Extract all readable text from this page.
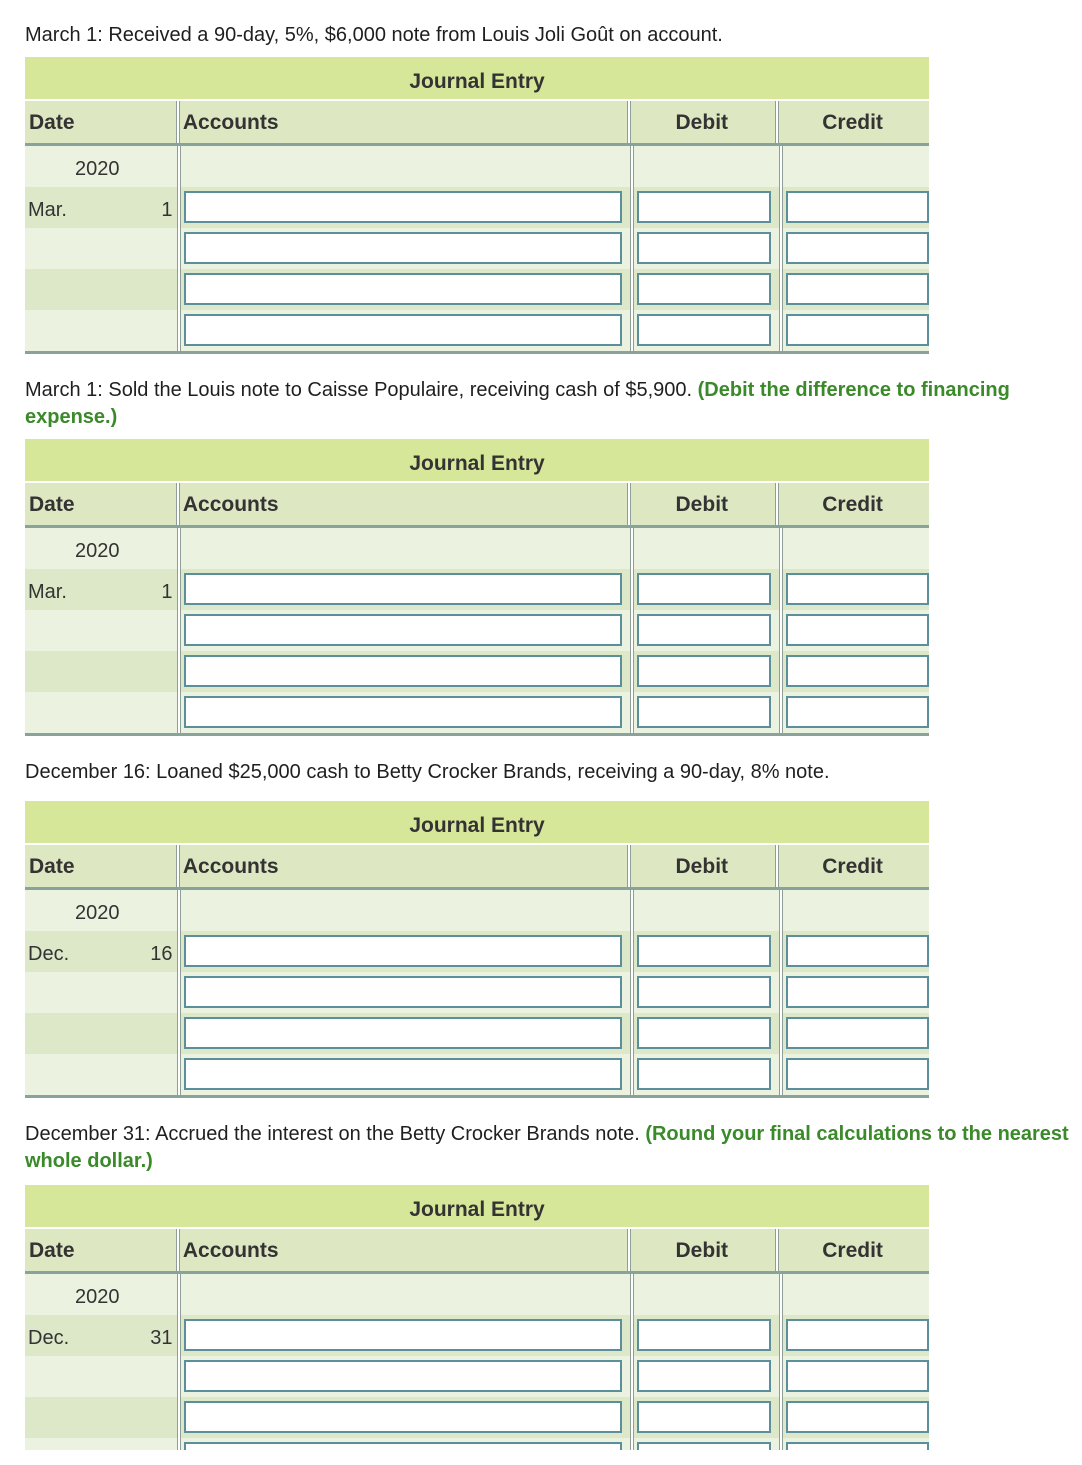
March 1: Received a 90-day, 5%, $6,000 note from Louis Joli Goût on account.
Journal Entry
Date	Accounts	Debit	Credit
2020
Mar.	1
March 1: Sold the Louis note to Caisse Populaire, receiving cash of $5,900. (Debit the difference to financing expense.)
Journal Entry
Date	Accounts	Debit	Credit
2020
Mar.	1
December 16: Loaned $25,000 cash to Betty Crocker Brands, receiving a 90-day, 8% note.
Journal Entry
Date	Accounts	Debit	Credit
2020
Dec.	16
December 31: Accrued the interest on the Betty Crocker Brands note. (Round your final calculations to the nearest whole dollar.)
Journal Entry
Date	Accounts	Debit	Credit
2020
Dec.	31
